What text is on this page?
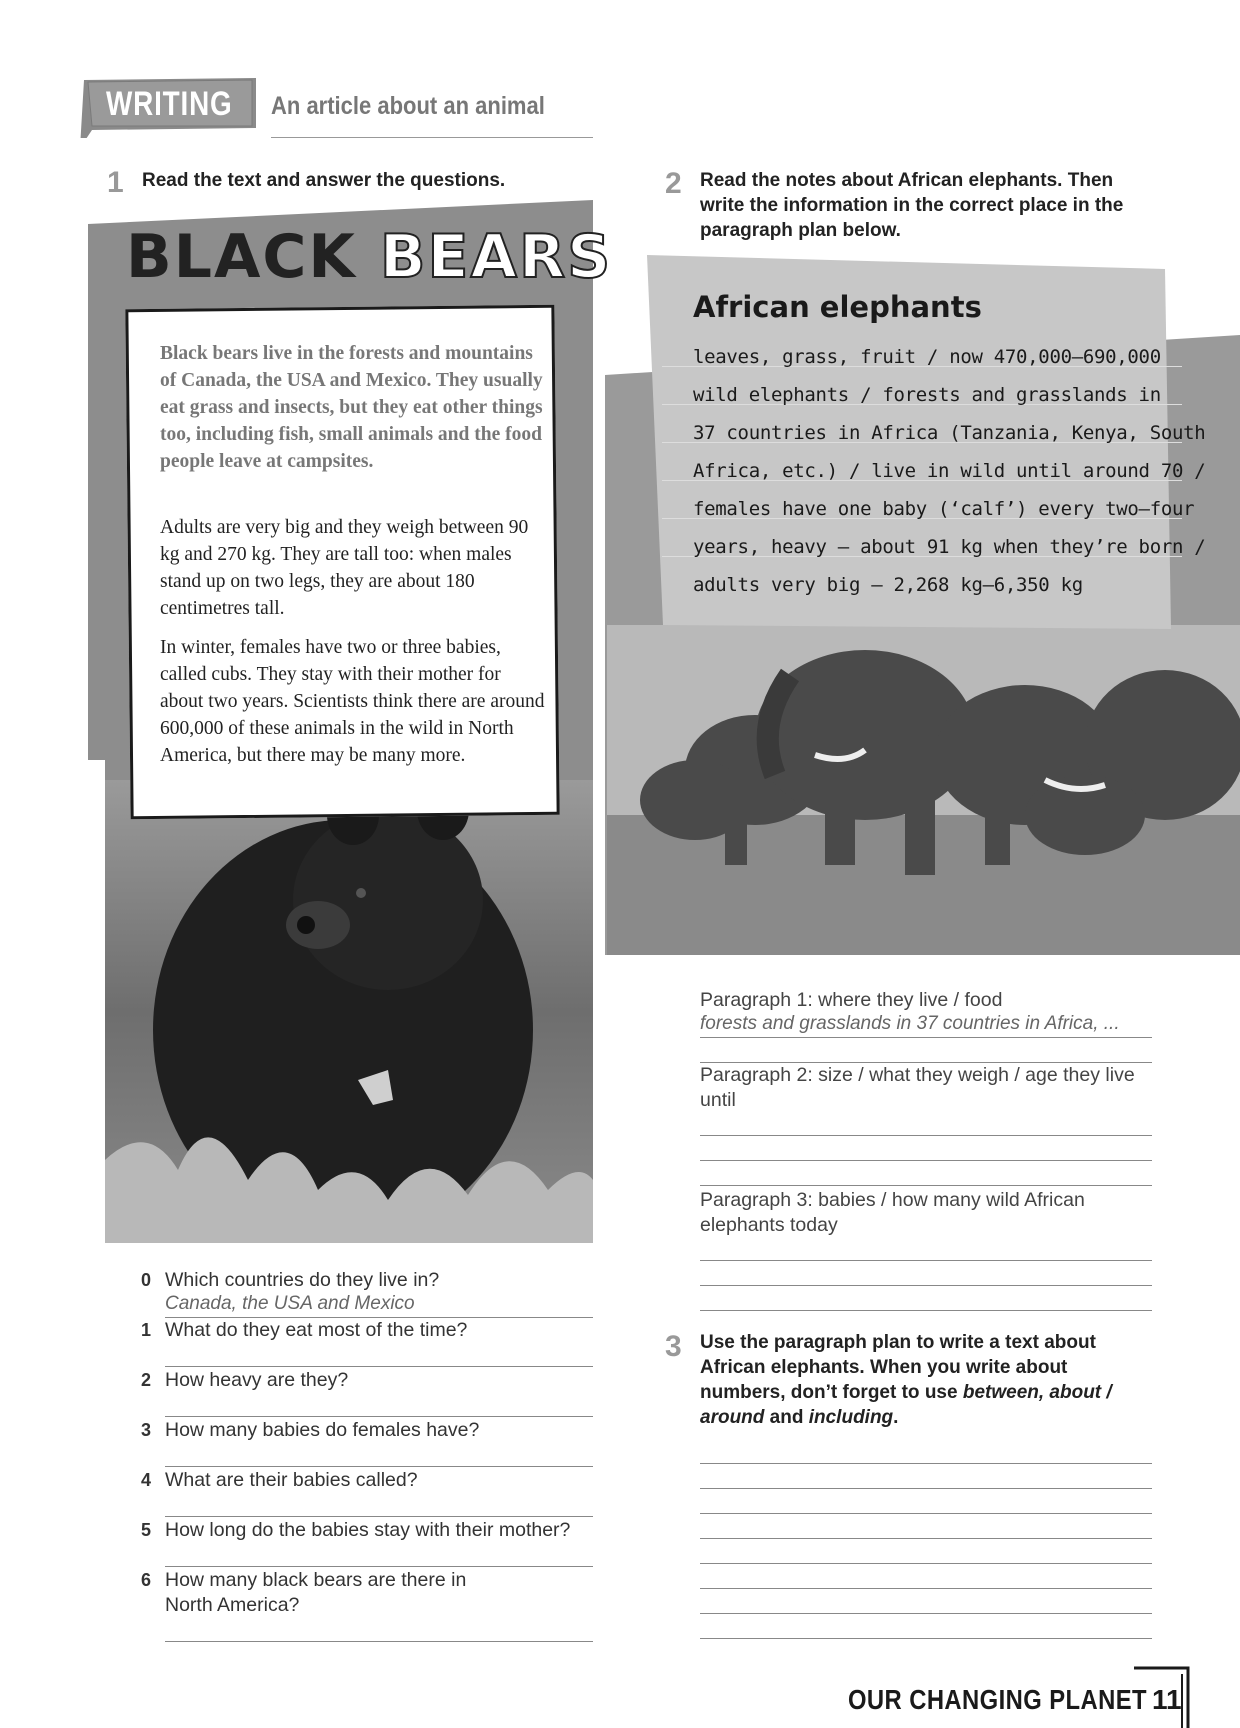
WRITING An article about an animal
1 Read the text and answer the questions.
BLACK BEARS
Black bears live in the forests and mountains of Canada, the USA and Mexico. They usually eat grass and insects, but they eat other things too, including fish, small animals and the food people leave at campsites.
Adults are very big and they weigh between 90 kg and 270 kg. They are tall too: when males stand up on two legs, they are about 180 centimetres tall.
In winter, females have two or three babies, called cubs. They stay with their mother for about two years. Scientists think there are around 600,000 of these animals in the wild in North America, but there may be many more.
0 Which countries do they live in?
Canada, the USA and Mexico
1 What do they eat most of the time?
2 How heavy are they?
3 How many babies do females have?
4 What are their babies called?
5 How long do the babies stay with their mother?
6 How many black bears are there in North America?
2 Read the notes about African elephants. Then write the information in the correct place in the paragraph plan below.
African elephants
leaves, grass, fruit / now 470,000–690,000
wild elephants / forests and grasslands in
37 countries in Africa (Tanzania, Kenya, South
Africa, etc.) / live in wild until around 70 /
females have one baby (‘calf’) every two–four
years, heavy – about 91 kg when they’re born /
adults very big – 2,268 kg–6,350 kg
Paragraph 1: where they live / food
forests and grasslands in 37 countries in Africa, ...
Paragraph 2: size / what they weigh / age they live until
Paragraph 3: babies / how many wild African elephants today
3 Use the paragraph plan to write a text about African elephants. When you write about numbers, don’t forget to use between, about / around and including.
OUR CHANGING PLANET 11
